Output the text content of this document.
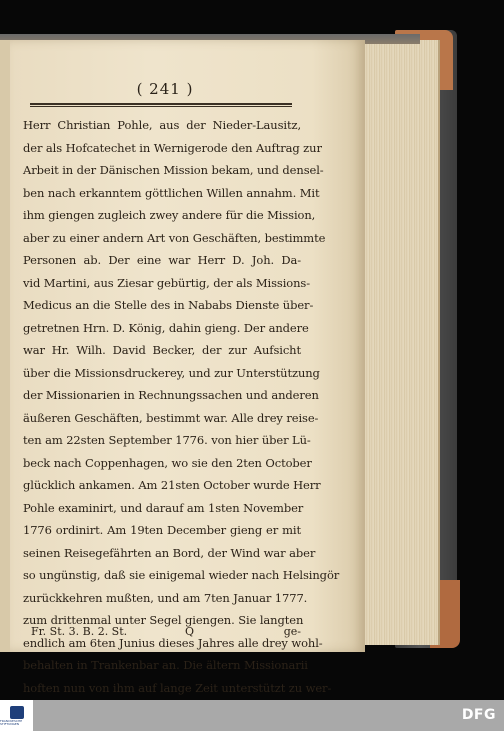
( 241 )
Herr Christian Pohle, aus der Nieder-Lausitz,
der als Hofcatechet in Wernigerode den Auftrag zur
Arbeit in der Dänischen Mission bekam, und densel-
ben nach erkanntem göttlichen Willen annahm. Mit
ihm giengen zugleich zwey andere für die Mission,
aber zu einer andern Art von Geschäften, bestimmte
Personen ab. Der eine war Herr D. Joh. Da-
vid Martini, aus Ziesar gebürtig, der als Missions-
Medicus an die Stelle des in Nababs Dienste über-
getretnen Hrn. D. König, dahin gieng. Der andere
war Hr. Wilh. David Becker, der zur Aufsicht
über die Missionsdruckerey, und zur Unterstützung
der Missionarien in Rechnungssachen und anderen
äußeren Geschäften, bestimmt war. Alle drey reise-
ten am 22sten September 1776. von hier über Lü-
beck nach Coppenhagen, wo sie den 2ten October
glücklich ankamen. Am 21sten October wurde Herr
Pohle examinirt, und darauf am 1sten November
1776 ordinirt. Am 19ten December gieng er mit
seinen Reisegefährten an Bord, der Wind war aber
so ungünstig, daß sie einigemal wieder nach Helsingör
zurückkehren mußten, und am 7ten Januar 1777.
zum drittenmal unter Segel giengen. Sie langten
endlich am 6ten Junius dieses Jahres alle drey wohl-
behalten in Trankenbar an. Die ältern Missionarii
hoften nun von ihm auf lange Zeit unterstützt zu wer-
Fr. St. 3. B. 2. St.	Q	ge-
FRANCKESCHE STIFTUNGEN
DFG
